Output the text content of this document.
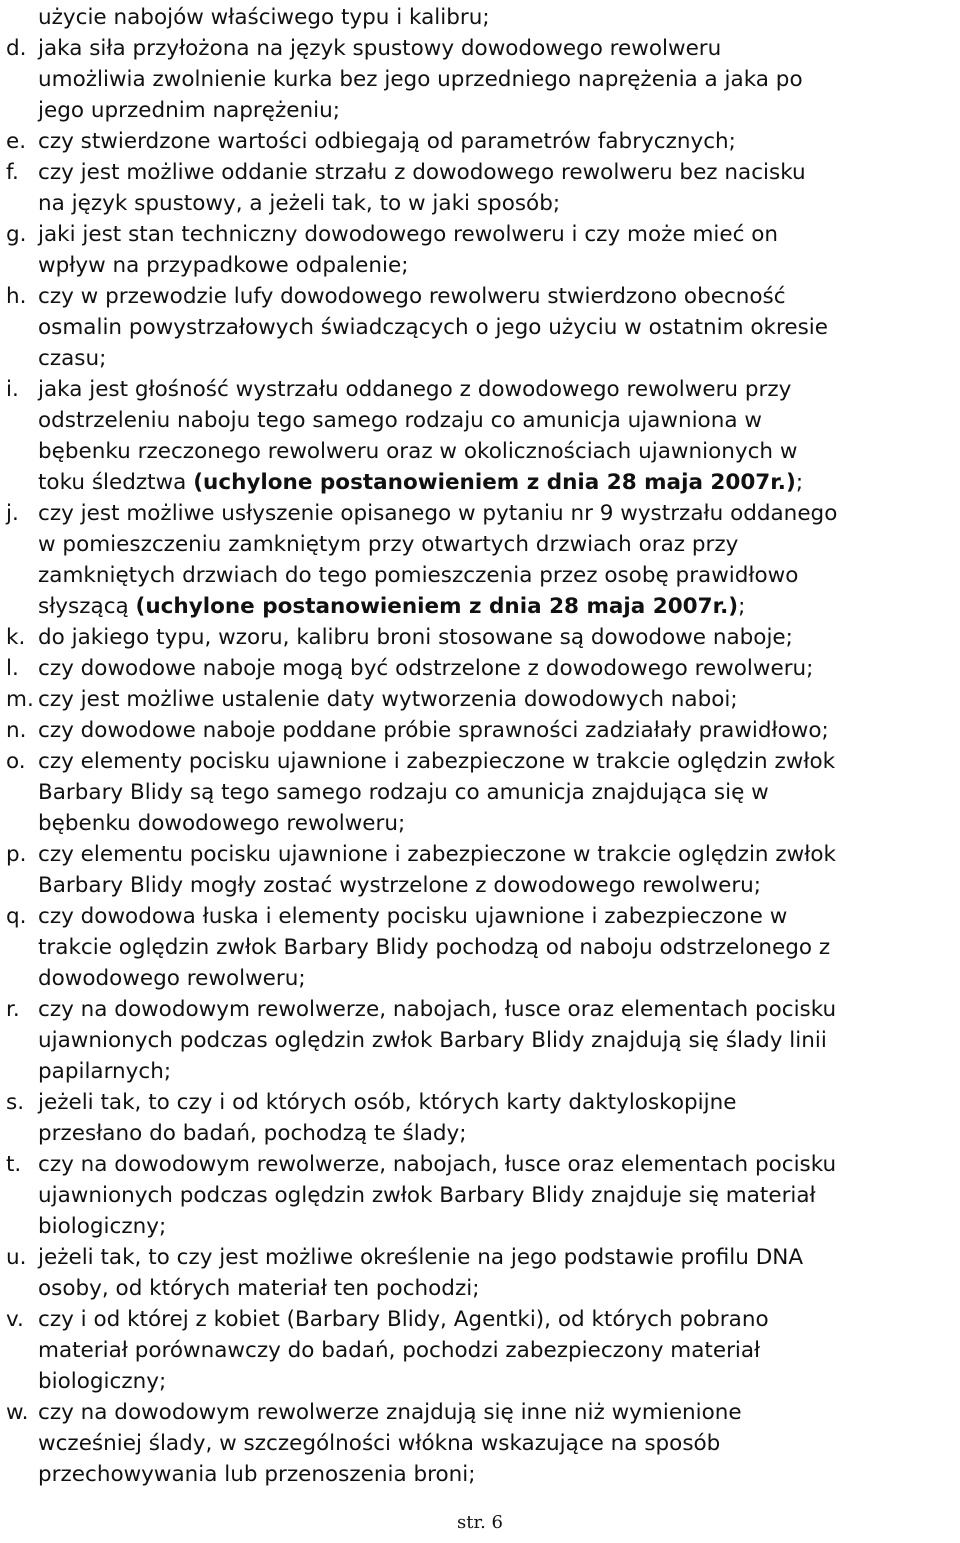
użycie nabojów właściwego typu i kalibru;
d. jaka siła przyłożona na język spustowy dowodowego rewolweru
umożliwia zwolnienie kurka bez jego uprzedniego naprężenia a jaka po
jego uprzednim naprężeniu;
e. czy stwierdzone wartości odbiegają od parametrów fabrycznych;
f. czy jest możliwe oddanie strzału z dowodowego rewolweru bez nacisku
na język spustowy, a jeżeli tak, to w jaki sposób;
g. jaki jest stan techniczny dowodowego rewolweru i czy może mieć on
wpływ na przypadkowe odpalenie;
h. czy w przewodzie lufy dowodowego rewolweru stwierdzono obecność
osmalin powystrzałowych świadczących o jego użyciu w ostatnim okresie
czasu;
i. jaka jest głośność wystrzału oddanego z dowodowego rewolweru przy
odstrzeleniu naboju tego samego rodzaju co amunicja ujawniona w
bębenku rzeczonego rewolweru oraz w okolicznościach ujawnionych w
toku śledztwa (uchylone postanowieniem z dnia 28 maja 2007r.);
j. czy jest możliwe usłyszenie opisanego w pytaniu nr 9 wystrzału oddanego
w pomieszczeniu zamkniętym przy otwartych drzwiach oraz przy
zamkniętych drzwiach do tego pomieszczenia przez osobę prawidłowo
słyszącą (uchylone postanowieniem z dnia 28 maja 2007r.);
k. do jakiego typu, wzoru, kalibru broni stosowane są dowodowe naboje;
l. czy dowodowe naboje mogą być odstrzelone z dowodowego rewolweru;
m. czy jest możliwe ustalenie daty wytworzenia dowodowych naboi;
n. czy dowodowe naboje poddane próbie sprawności zadziałały prawidłowo;
o. czy elementy pocisku ujawnione i zabezpieczone w trakcie oględzin zwłok
Barbary Blidy są tego samego rodzaju co amunicja znajdująca się w
bębenku dowodowego rewolweru;
p. czy elementu pocisku ujawnione i zabezpieczone w trakcie oględzin zwłok
Barbary Blidy mogły zostać wystrzelone z dowodowego rewolweru;
q. czy dowodowa łuska i elementy pocisku ujawnione i zabezpieczone w
trakcie oględzin zwłok Barbary Blidy pochodzą od naboju odstrzelonego z
dowodowego rewolweru;
r. czy na dowodowym rewolwerze, nabojach, łusce oraz elementach pocisku
ujawnionych podczas oględzin zwłok Barbary Blidy znajdują się ślady linii
papilarnych;
s. jeżeli tak, to czy i od których osób, których karty daktyloskopijne
przesłano do badań, pochodzą te ślady;
t. czy na dowodowym rewolwerze, nabojach, łusce oraz elementach pocisku
ujawnionych podczas oględzin zwłok Barbary Blidy znajduje się materiał
biologiczny;
u. jeżeli tak, to czy jest możliwe określenie na jego podstawie profilu DNA
osoby, od których materiał ten pochodzi;
v. czy i od której z kobiet (Barbary Blidy, Agentki), od których pobrano
materiał porównawczy do badań, pochodzi zabezpieczony materiał
biologiczny;
w. czy na dowodowym rewolwerze znajdują się inne niż wymienione
wcześniej ślady, w szczególności włókna wskazujące na sposób
przechowywania lub przenoszenia broni;
str. 6
